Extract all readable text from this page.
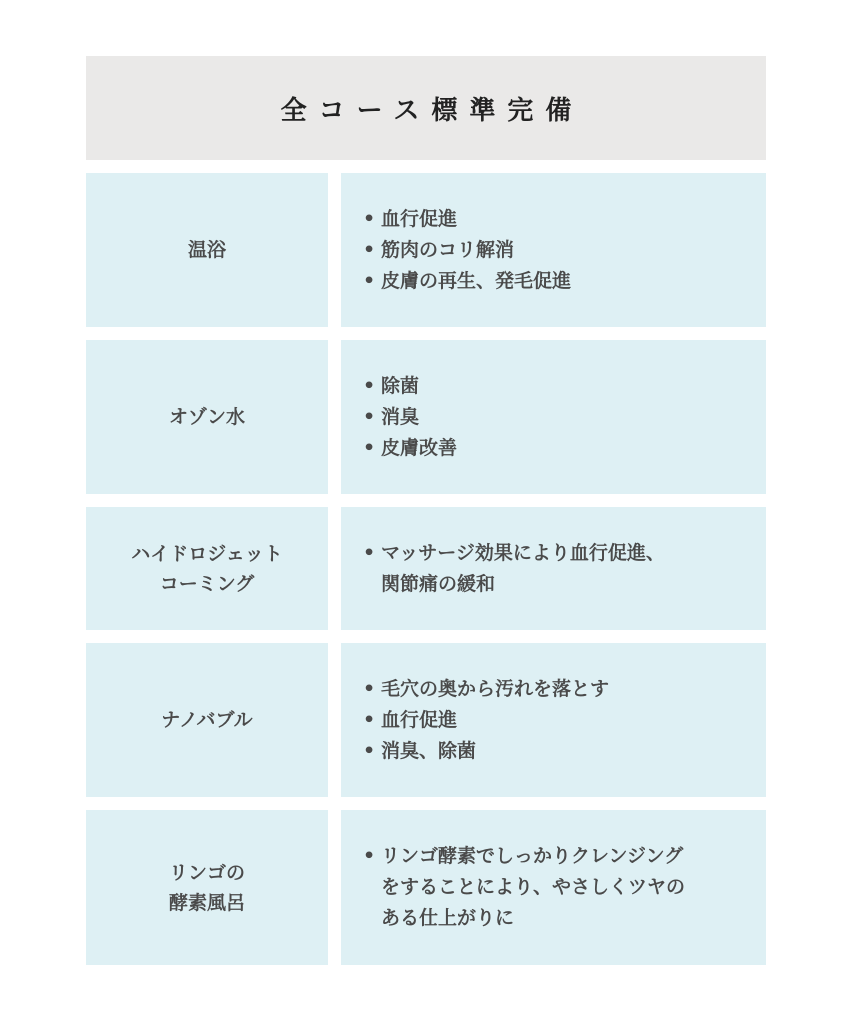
全コース標準完備
温浴
• 血行促進
• 筋肉のコリ解消
• 皮膚の再生、発毛促進
オゾン水
• 除菌
• 消臭
• 皮膚改善
ハイドロジェット
コーミング
• マッサージ効果により血行促進、
関節痛の緩和
ナノバブル
• 毛穴の奥から汚れを落とす
• 血行促進
• 消臭、除菌
リンゴの
酵素風呂
• リンゴ酵素でしっかりクレンジング
をすることにより、やさしくツヤの
ある仕上がりに
